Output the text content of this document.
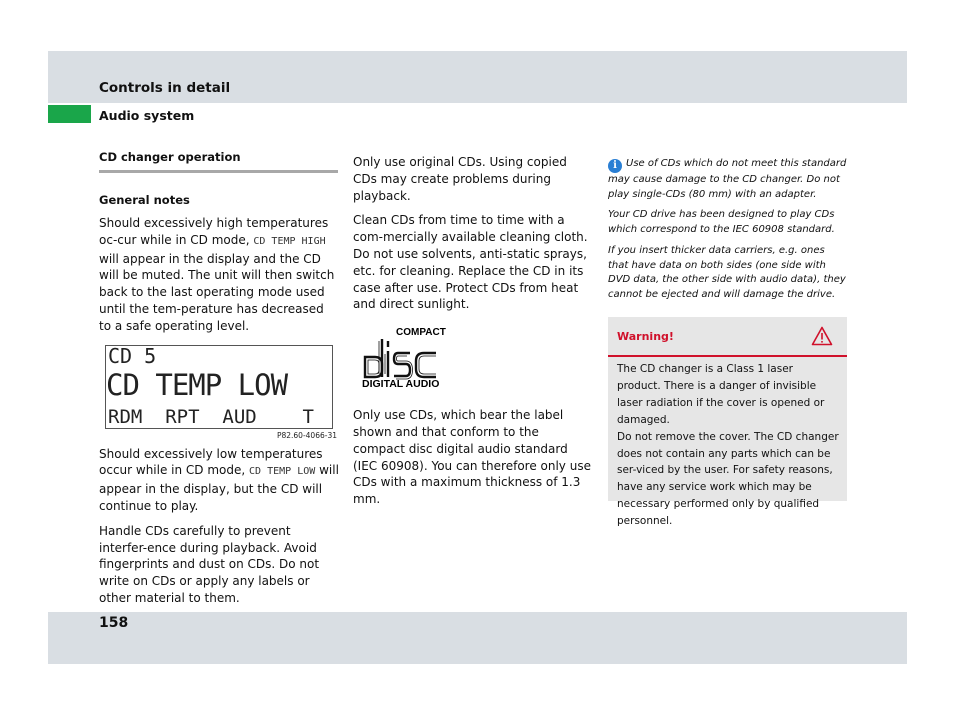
Controls in detail
Audio system
CD changer operation
General notes

Should excessively high temperatures oc-cur while in CD mode, CD TEMP HIGH will appear in the display and the CD will be muted. The unit will then switch back to the last operating mode used until the tem-perature has decreased to a safe operating level.

CD 5
CD TEMP LOW
RDM  RPT  AUD    T
P82.60-4066-31

Should excessively low temperatures occur while in CD mode, CD TEMP LOW will appear in the display, but the CD will continue to play.

Handle CDs carefully to prevent interfer-ence during playback. Avoid fingerprints and dust on CDs. Do not write on CDs or apply any labels or other material to them.

Only use original CDs. Using copied CDs may create problems during playback.

Clean CDs from time to time with a com-mercially available cleaning cloth. Do not use solvents, anti-static sprays, etc. for cleaning. Replace the CD in its case after use. Protect CDs from heat and direct sunlight.

COMPACT
DIGITAL AUDIO
disc

Only use CDs, which bear the label shown and that conform to the compact disc digital audio standard (IEC 60908). You can therefore only use CDs with a maximum thickness of 1.3 mm.

i Use of CDs which do not meet this standard may cause damage to the CD changer. Do not play single-CDs (80 mm) with an adapter.

Your CD drive has been designed to play CDs which correspond to the IEC 60908 standard.

If you insert thicker data carriers, e.g. ones that have data on both sides (one side with DVD data, the other side with audio data), they cannot be ejected and will damage the drive.

Warning!

The CD changer is a Class 1 laser product. There is a danger of invisible laser radiation if the cover is opened or damaged.

Do not remove the cover. The CD changer does not contain any parts which can be ser-viced by the user. For safety reasons, have any service work which may be necessary performed only by qualified personnel.

158
